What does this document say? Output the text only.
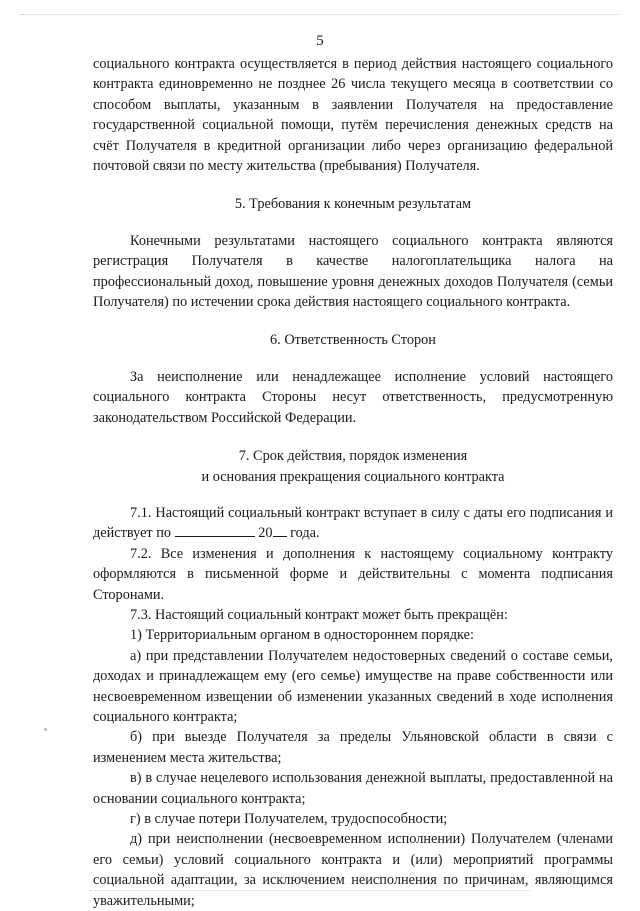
5

социального контракта осуществляется в период действия настоящего социального контракта единовременно не позднее 26 числа текущего месяца в соответствии со способом выплаты, указанным в заявлении Получателя на предоставление государственной социальной помощи, путём перечисления денежных средств на счёт Получателя в кредитной организации либо через организацию федеральной почтовой связи по месту жительства (пребывания) Получателя.

5. Требования к конечным результатам

Конечными результатами настоящего социального контракта являются регистрация Получателя в качестве налогоплательщика налога на профессиональный доход, повышение уровня денежных доходов Получателя (семьи Получателя) по истечении срока действия настоящего социального контракта.

6. Ответственность Сторон

За неисполнение или ненадлежащее исполнение условий настоящего социального контракта Стороны несут ответственность, предусмотренную законодательством Российской Федерации.

7. Срок действия, порядок изменения

и основания прекращения социального контракта

7.1. Настоящий социальный контракт вступает в силу с даты его подписания и действует по	20 года.

7.2. Все изменения и дополнения к настоящему социальному контракту оформляются в письменной форме и действительны с момента подписания Сторонами.

7.3. Настоящий социальный контракт может быть прекращён:

1) Территориальным органом в одностороннем порядке:

а) при представлении Получателем недостоверных сведений о составе семьи, доходах и принадлежащем ему (его семье) имуществе на праве собственности или несвоевременном извещении об изменении указанных сведений в ходе исполнения социального контракта;

б) при выезде Получателя за пределы Ульяновской области в связи с изменением места жительства;

в) в случае нецелевого использования денежной выплаты, предоставленной на основании социального контракта;

г) в случае потери Получателем, трудоспособности;

д) при неисполнении (несвоевременном исполнении) Получателем (членами его семьи) условий социального контракта и (или) мероприятий программы социальной адаптации, за исключением неисполнения по причинам, являющимся уважительными;
